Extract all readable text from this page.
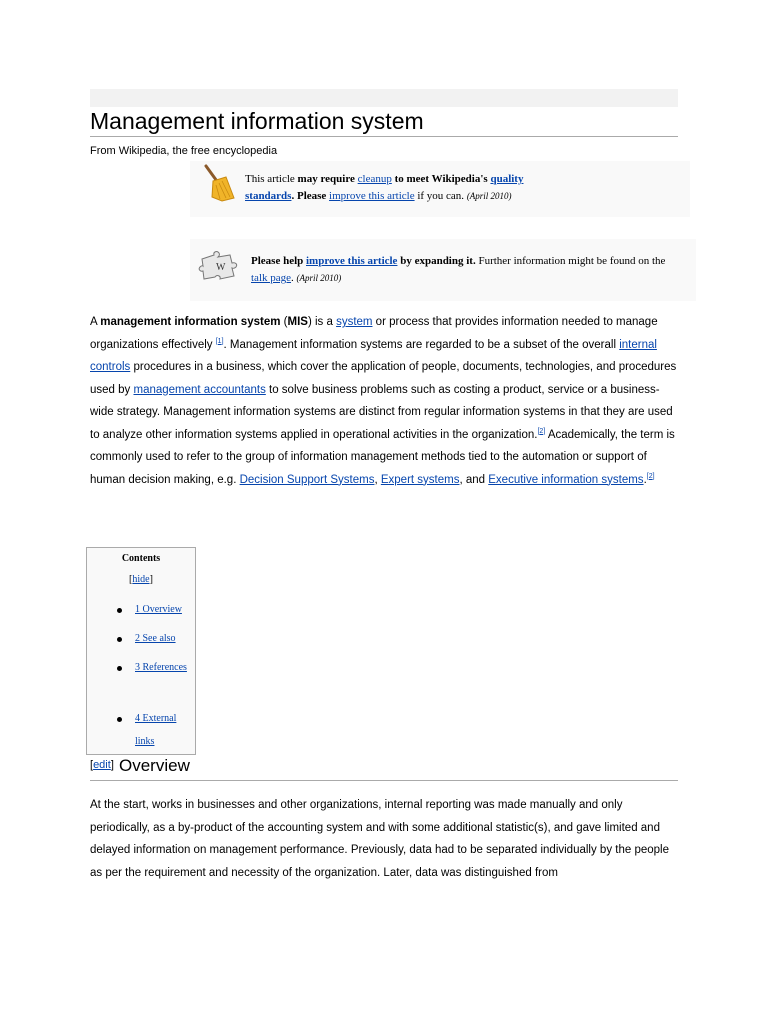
Management information system
From Wikipedia, the free encyclopedia
This article may require cleanup to meet Wikipedia's quality standards. Please improve this article if you can. (April 2010)
W
Please help improve this article by expanding it. Further information might be found on the talk page. (April 2010)

A management information system (MIS) is a system or process that provides information needed to manage organizations effectively [1]. Management information systems are regarded to be a subset of the overall internal controls procedures in a business, which cover the application of people, documents, technologies, and procedures used by management accountants to solve business problems such as costing a product, service or a business-wide strategy. Management information systems are distinct from regular information systems in that they are used to analyze other information systems applied in operational activities in the organization.[2] Academically, the term is commonly used to refer to the group of information management methods tied to the automation or support of human decision making, e.g. Decision Support Systems, Expert systems, and Executive information systems.[2]

Contents
[hide]
1 Overview
2 See also
3 References
4 External links
[edit] Overview

At the start, works in businesses and other organizations, internal reporting was made manually and only periodically, as a by-product of the accounting system and with some additional statistic(s), and gave limited and delayed information on management performance. Previously, data had to be separated individually by the people as per the requirement and necessity of the organization. Later, data was distinguished from
